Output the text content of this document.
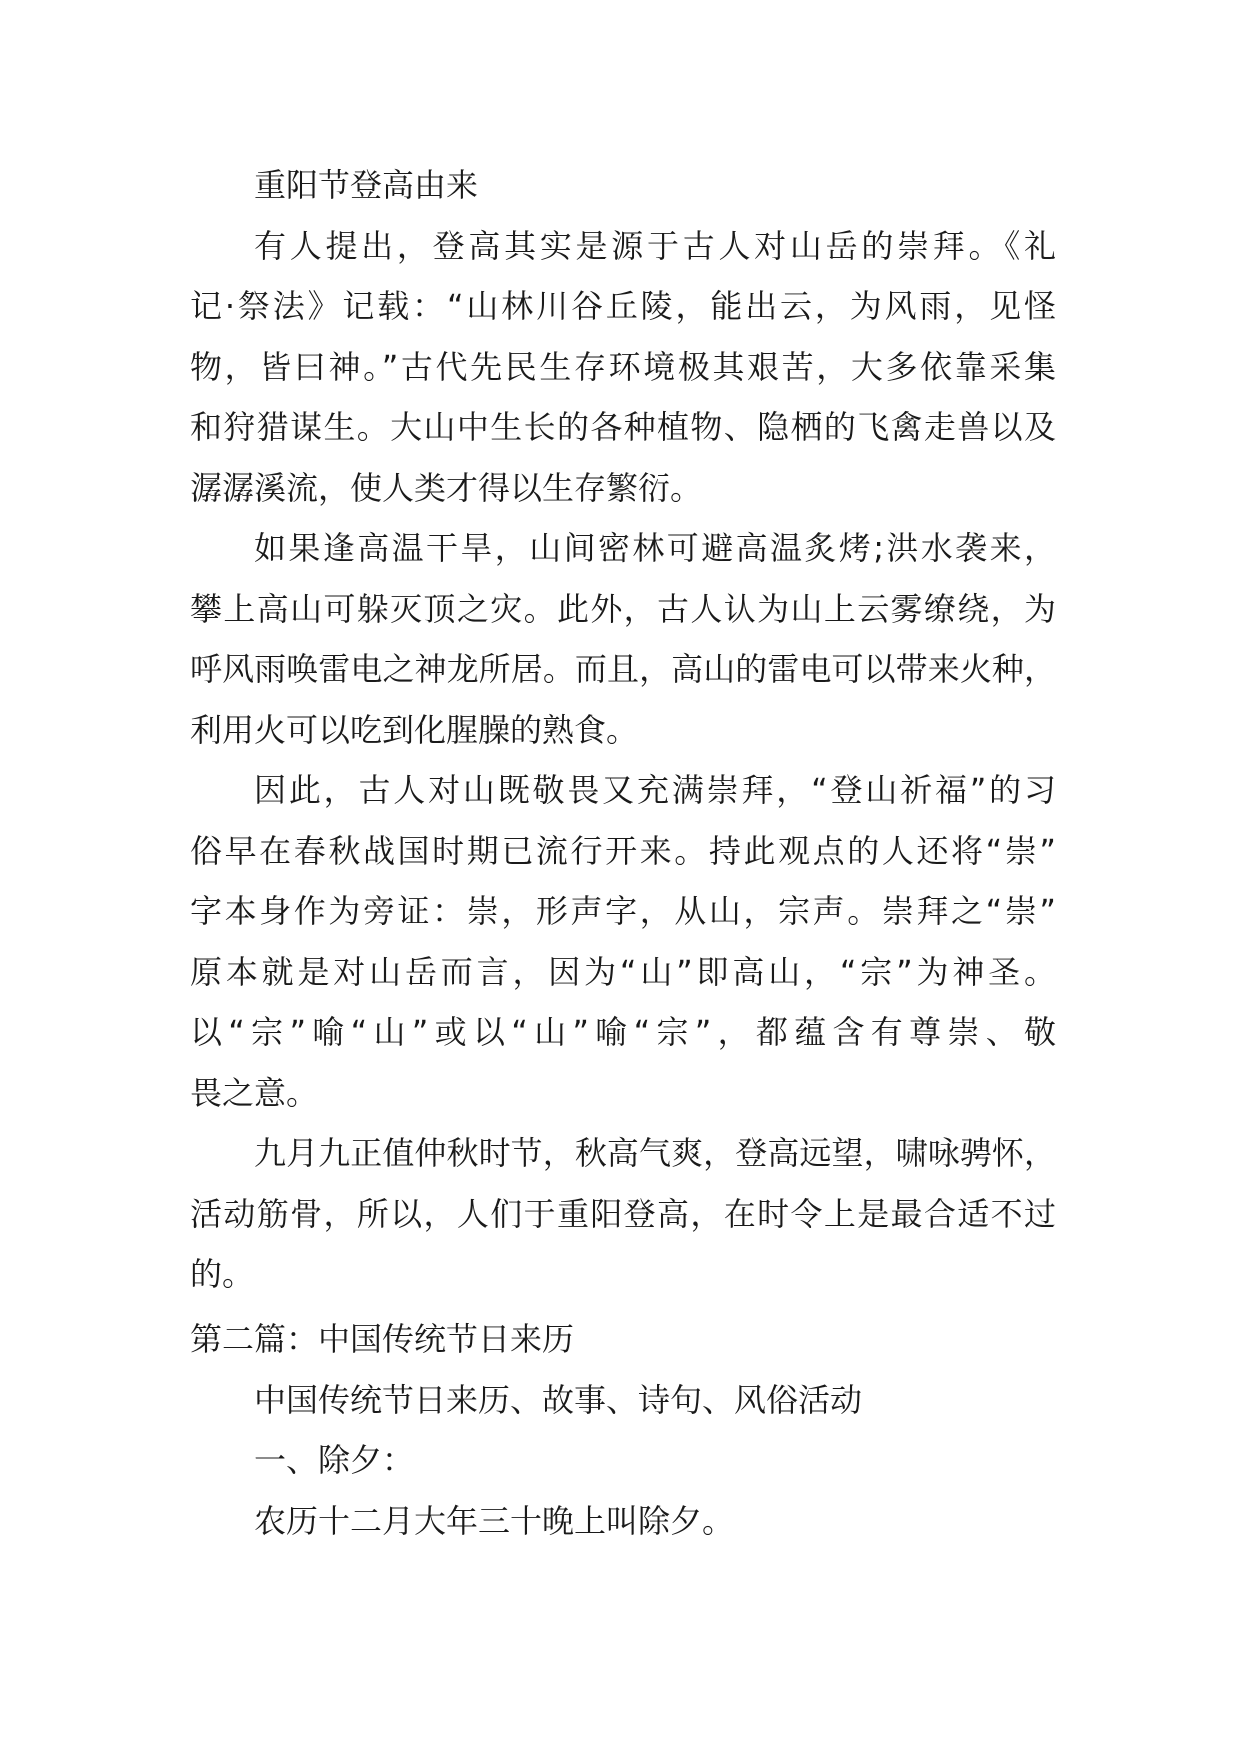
重阳节登高由来
有人提出，登高其实是源于古人对山岳的崇拜。《礼
记·祭法》记载：“山林川谷丘陵，能出云，为风雨，见怪
物，皆曰神。”古代先民生存环境极其艰苦，大多依靠采集
和狩猎谋生。大山中生长的各种植物、隐栖的飞禽走兽以及
潺潺溪流，使人类才得以生存繁衍。
如果逢高温干旱，山间密林可避高温炙烤;洪水袭来，
攀上高山可躲灭顶之灾。此外，古人认为山上云雾缭绕，为
呼风雨唤雷电之神龙所居。而且，高山的雷电可以带来火种，
利用火可以吃到化腥臊的熟食。
因此，古人对山既敬畏又充满崇拜，“登山祈福”的习
俗早在春秋战国时期已流行开来。持此观点的人还将“崇”
字本身作为旁证：崇，形声字，从山，宗声。崇拜之“崇”
原本就是对山岳而言，因为“山”即高山，“宗”为神圣。
以“宗”喻“山”或以“山”喻“宗”，都蕴含有尊崇、敬
畏之意。
九月九正值仲秋时节，秋高气爽，登高远望，啸咏骋怀，
活动筋骨，所以，人们于重阳登高，在时令上是最合适不过
的。
第二篇：中国传统节日来历
中国传统节日来历、故事、诗句、风俗活动
一、除夕：
农历十二月大年三十晚上叫除夕。
